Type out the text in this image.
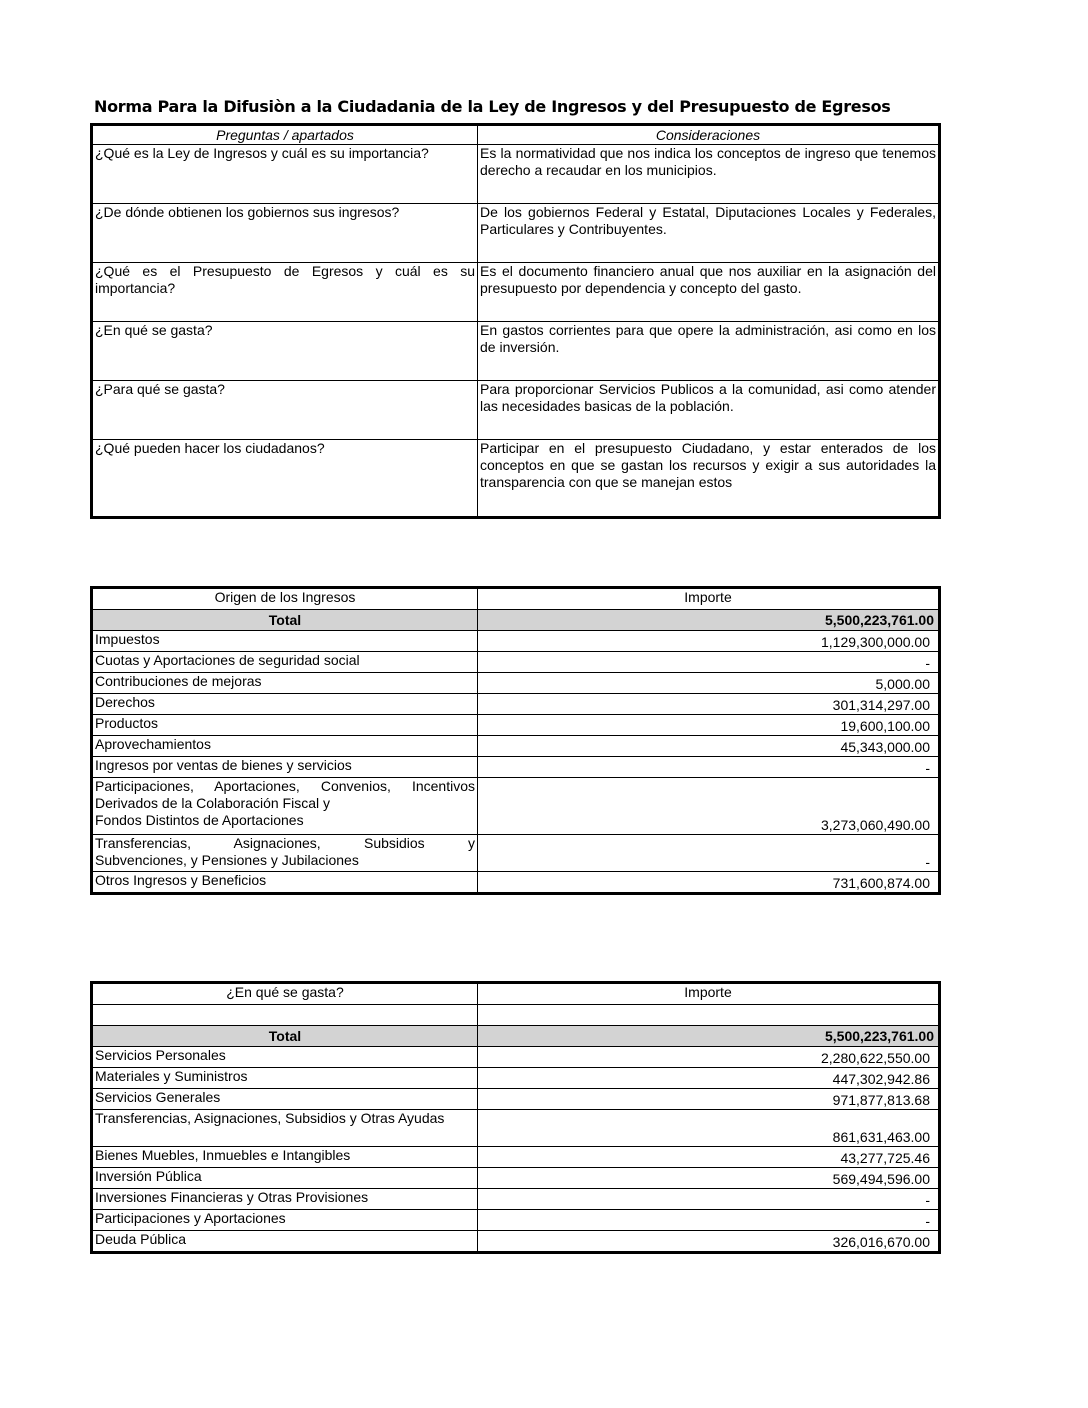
Norma Para la Difusiòn a la Ciudadania de la Ley de Ingresos y del Presupuesto de Egresos
Preguntas / apartados	Consideraciones
¿Qué es la Ley de Ingresos y cuál es su importancia?	Es la normatividad que nos indica los conceptos de ingreso que tenemos derecho a recaudar en los municipios.
¿De dónde obtienen los gobiernos sus ingresos?	De los gobiernos Federal y Estatal, Diputaciones Locales y Federales, Particulares y Contribuyentes.
¿Qué es el Presupuesto de Egresos y cuál es su importancia?	Es el documento financiero anual que nos auxiliar en la asignación del presupuesto por dependencia y concepto del gasto.
¿En qué se gasta?	En gastos corrientes para que opere la administración, asi como en los de inversión.
¿Para qué se gasta?	Para proporcionar Servicios Publicos a la comunidad, asi como atender las necesidades basicas de la población.
¿Qué pueden hacer los ciudadanos?	Participar en el presupuesto Ciudadano, y estar enterados de los conceptos en que se gastan los recursos y exigir a sus autoridades la transparencia con que se manejan estos
Origen de los Ingresos	Importe
Total	5,500,223,761.00
Impuestos	1,129,300,000.00
Cuotas y Aportaciones de seguridad social	-
Contribuciones de mejoras	5,000.00
Derechos	301,314,297.00
Productos	19,600,100.00
Aprovechamientos	45,343,000.00
Ingresos por ventas de bienes y servicios	-

Participaciones, Aportaciones, Convenios, Incentivos
Derivados de la Colaboración Fiscal y
Fondos Distintos de Aportaciones	3,273,060,490.00

Transferencias, Asignaciones, Subsidios y
Subvenciones, y Pensiones y Jubilaciones	-
Otros Ingresos y Beneficios	731,600,874.00
¿En qué se gasta?	Importe

Total	5,500,223,761.00
Servicios Personales	2,280,622,550.00
Materiales y Suministros	447,302,942.86
Servicios Generales	971,877,813.68
Transferencias, Asignaciones, Subsidios y Otras Ayudas	861,631,463.00
Bienes Muebles, Inmuebles e Intangibles	43,277,725.46
Inversión Pública	569,494,596.00
Inversiones Financieras y Otras Provisiones	-
Participaciones y Aportaciones	-
Deuda Pública	326,016,670.00
